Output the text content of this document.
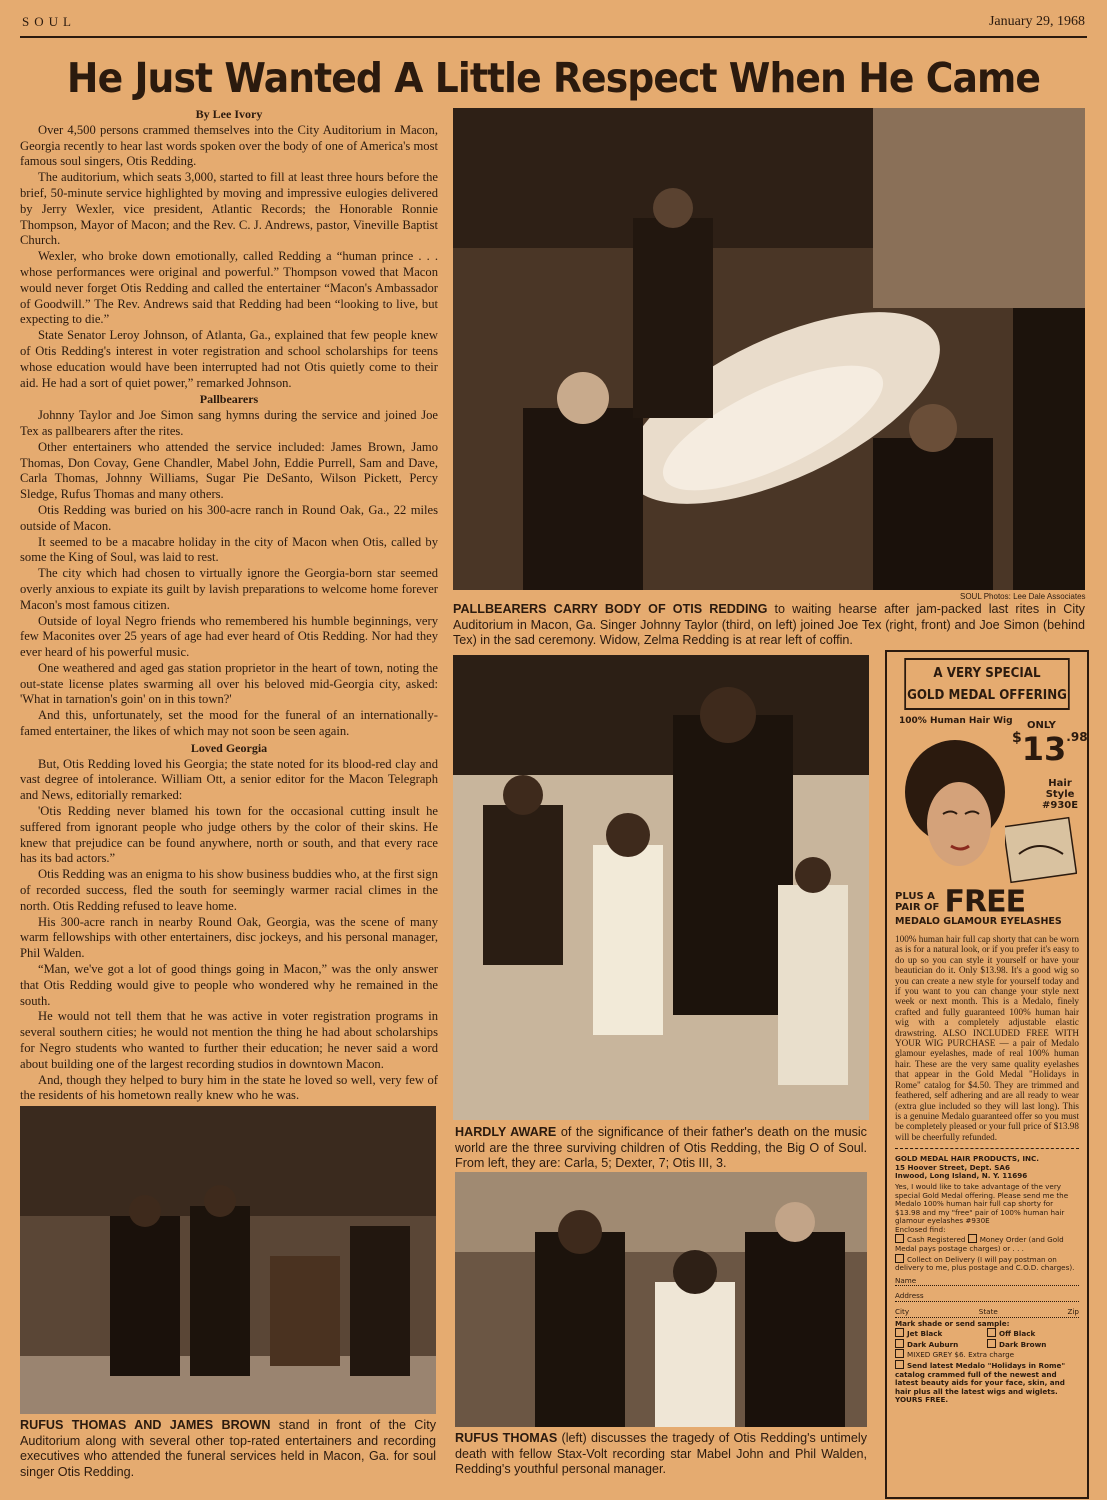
SOUL	January 29, 1968
He Just Wanted A Little Respect When He Came

By Lee Ivory

Over 4,500 persons crammed themselves into the City Auditorium in Macon, Georgia recently to hear last words spoken over the body of one of America's most famous soul singers, Otis Redding.

The auditorium, which seats 3,000, started to fill at least three hours before the brief, 50-minute service highlighted by moving and impressive eulogies delivered by Jerry Wexler, vice president, Atlantic Records; the Honorable Ronnie Thompson, Mayor of Macon; and the Rev. C. J. Andrews, pastor, Vineville Baptist Church.

Wexler, who broke down emotionally, called Redding a “human prince . . . whose performances were original and powerful.” Thompson vowed that Macon would never forget Otis Redding and called the entertainer “Macon's Ambassador of Goodwill.” The Rev. Andrews said that Redding had been “looking to live, but expecting to die.”

State Senator Leroy Johnson, of Atlanta, Ga., explained that few people knew of Otis Redding's interest in voter registration and school scholarships for teens whose education would have been interrupted had not Otis quietly come to their aid. He had a sort of quiet power,” remarked Johnson.

Pallbearers

Johnny Taylor and Joe Simon sang hymns during the service and joined Joe Tex as pallbearers after the rites.

Other entertainers who attended the service included: James Brown, Jamo Thomas, Don Covay, Gene Chandler, Mabel John, Eddie Purrell, Sam and Dave, Carla Thomas, Johnny Williams, Sugar Pie DeSanto, Wilson Pickett, Percy Sledge, Rufus Thomas and many others.

Otis Redding was buried on his 300-acre ranch in Round Oak, Ga., 22 miles outside of Macon.

It seemed to be a macabre holiday in the city of Macon when Otis, called by some the King of Soul, was laid to rest.

The city which had chosen to virtually ignore the Georgia-born star seemed overly anxious to expiate its guilt by lavish preparations to welcome home forever Macon's most famous citizen.

Outside of loyal Negro friends who remembered his humble beginnings, very few Maconites over 25 years of age had ever heard of Otis Redding. Nor had they ever heard of his powerful music.

One weathered and aged gas station proprietor in the heart of town, noting the out-state license plates swarming all over his beloved mid-Georgia city, asked: 'What in tarnation's goin' on in this town?'

And this, unfortunately, set the mood for the funeral of an internationally-famed entertainer, the likes of which may not soon be seen again.

Loved Georgia

But, Otis Redding loved his Georgia; the state noted for its blood-red clay and vast degree of intolerance. William Ott, a senior editor for the Macon Telegraph and News, editorially remarked:

'Otis Redding never blamed his town for the occasional cutting insult he suffered from ignorant people who judge others by the color of their skins. He knew that prejudice can be found anywhere, north or south, and that every race has its bad actors.”

Otis Redding was an enigma to his show business buddies who, at the first sign of recorded success, fled the south for seemingly warmer racial climes in the north. Otis Redding refused to leave home.

His 300-acre ranch in nearby Round Oak, Georgia, was the scene of many warm fellowships with other entertainers, disc jockeys, and his personal manager, Phil Walden.

“Man, we've got a lot of good things going in Macon,” was the only answer that Otis Redding would give to people who wondered why he remained in the south.

He would not tell them that he was active in voter registration programs in several southern cities; he would not mention the thing he had about scholarships for Negro students who wanted to further their education; he never said a word about building one of the largest recording studios in downtown Macon.

And, though they helped to bury him in the state he loved so well, very few of the residents of his hometown really knew who he was.

SOUL Photos: Lee Dale Associates
PALLBEARERS CARRY BODY OF OTIS REDDING to waiting hearse after jam-packed last rites in City Auditorium in Macon, Ga. Singer Johnny Taylor (third, on left) joined Joe Tex (right, front) and Joe Simon (behind Tex) in the sad ceremony. Widow, Zelma Redding is at rear left of coffin.
HARDLY AWARE of the significance of their father's death on the music world are the three surviving children of Otis Redding, the Big O of Soul. From left, they are: Carla, 5; Dexter, 7; Otis III, 3.
RUFUS THOMAS (left) discusses the tragedy of Otis Redding's untimely death with fellow Stax-Volt recording star Mabel John and Phil Walden, Redding's youthful personal manager.
RUFUS THOMAS AND JAMES BROWN stand in front of the City Auditorium along with several other top-rated entertainers and recording executives who attended the funeral services held in Macon, Ga. for soul singer Otis Redding.
A VERY SPECIAL
GOLD MEDAL OFFERING
100% Human Hair Wig ONLY
$\$13^{.98}$
Hair
Style
#930E
PLUS A
PAIR OF FREE
MEDALO GLAMOUR EYELASHES
100% human hair full cap shorty that can be worn as is for a natural look, or if you prefer it's easy to do up so you can style it yourself or have your beautician do it. Only $13.98. It's a good wig so you can create a new style for yourself today and if you want to you can change your style next week or next month. This is a Medalo, finely crafted and fully guaranteed 100% human hair wig with a completely adjustable elastic drawstring. ALSO INCLUDED FREE WITH YOUR WIG PURCHASE — a pair of Medalo glamour eyelashes, made of real 100% human hair. These are the very same quality eyelashes that appear in the Gold Medal "Holidays in Rome" catalog for $4.50. They are trimmed and feathered, self adhering and are all ready to wear (extra glue included so they will last long). This is a genuine Medalo guaranteed offer so you must be completely pleased or your full price of $13.98 will be cheerfully refunded.
GOLD MEDAL HAIR PRODUCTS, INC.
15 Hoover Street, Dept. SA6
Inwood, Long Island, N. Y. 11696
Yes, I would like to take advantage of the very special Gold Medal offering. Please send me the Medalo 100% human hair full cap shorty for $13.98 and my "free" pair of 100% human hair glamour eyelashes #930E
Enclosed find:
Cash Registered Money Order (and Gold Medal pays postage charges) or . . .
Collect on Delivery (I will pay postman on delivery to me, plus postage and C.O.D. charges).
Name
Address
City	State	Zip
Mark shade or send sample:
Jet Black	Off Black
Dark Auburn	Dark Brown
MIXED GREY $6. Extra charge
Send latest Medalo "Holidays in Rome" catalog crammed full of the newest and latest beauty aids for your face, skin, and hair plus all the latest wigs and wiglets. YOURS FREE.
